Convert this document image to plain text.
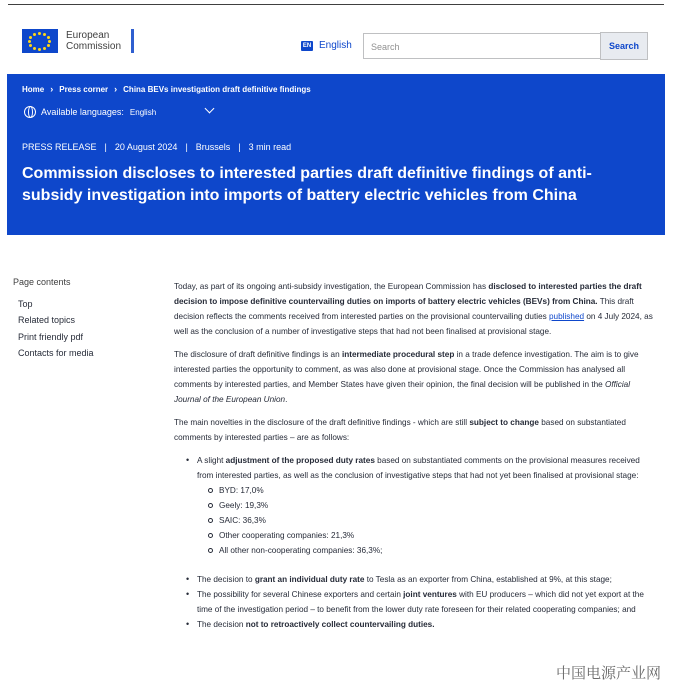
European
Commission	EN English	Search	Search
Home › Press corner › China BEVs investigation draft definitive findings
Available languages: English
PRESS RELEASE | 20 August 2024 | Brussels | 3 min read
Commission discloses to interested parties draft definitive findings of anti-subsidy investigation into imports of battery electric vehicles from China
Page contents
Top
Related topics
Print friendly pdf
Contacts for media

Today, as part of its ongoing anti-subsidy investigation, the European Commission has disclosed to interested parties the draft decision to impose definitive countervailing duties on imports of battery electric vehicles (BEVs) from China. This draft decision reflects the comments received from interested parties on the provisional countervailing duties published on 4 July 2024, as well as the conclusion of a number of investigative steps that had not been finalised at provisional stage.

The disclosure of draft definitive findings is an intermediate procedural step in a trade defence investigation. The aim is to give interested parties the opportunity to comment, as was also done at provisional stage. Once the Commission has analysed all comments by interested parties, and Member States have given their opinion, the final decision will be published in the Official Journal of the European Union.

The main novelties in the disclosure of the draft definitive findings - which are still subject to change based on substantiated comments by interested parties – are as follows:

• A slight adjustment of the proposed duty rates based on substantiated comments on the provisional measures received from interested parties, as well as the conclusion of investigative steps that had not yet been finalised at provisional stage:
BYD: 17,0%
Geely: 19,3%
SAIC: 36,3%
Other cooperating companies: 21,3%
All other non-cooperating companies: 36,3%;
• The decision to grant an individual duty rate to Tesla as an exporter from China, established at 9%, at this stage;
• The possibility for several Chinese exporters and certain joint ventures with EU producers – which did not yet export at the time of the investigation period – to benefit from the lower duty rate foreseen for their related cooperating companies; and
• The decision not to retroactively collect countervailing duties.
中国电源产业网
